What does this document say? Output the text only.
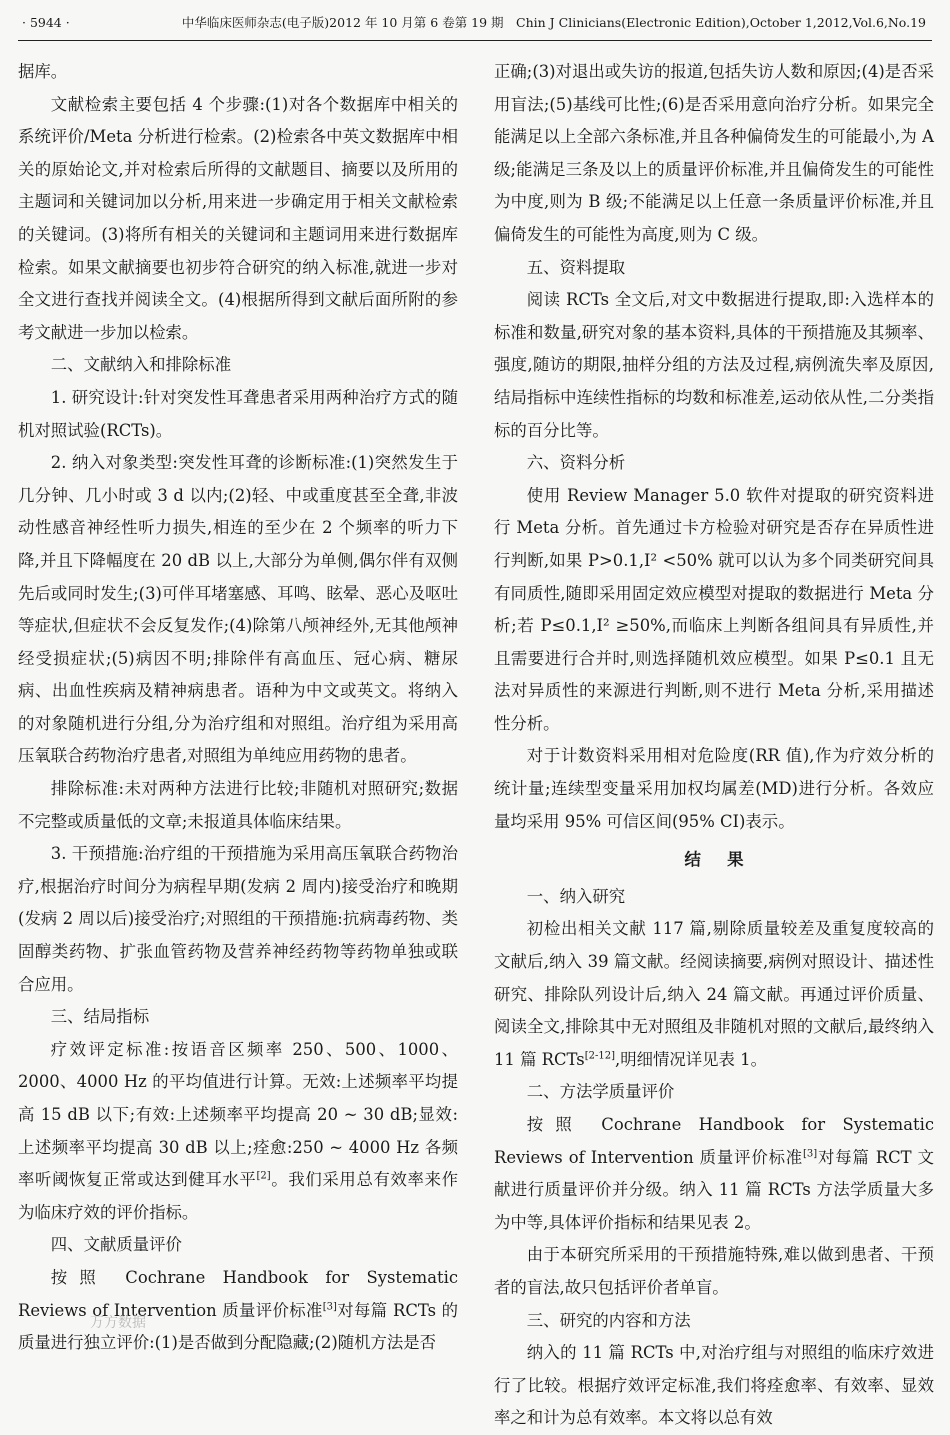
· 5944 ·	中华临床医师杂志(电子版)2012 年 10 月第 6 卷第 19 期　Chin J Clinicians(Electronic Edition),October 1,2012,Vol.6,No.19

据库。

文献检索主要包括 4 个步骤:(1)对各个数据库中相关的系统评价/Meta 分析进行检索。(2)检索各中英文数据库中相关的原始论文,并对检索后所得的文献题目、摘要以及所用的主题词和关键词加以分析,用来进一步确定用于相关文献检索的关键词。(3)将所有相关的关键词和主题词用来进行数据库检索。如果文献摘要也初步符合研究的纳入标准,就进一步对全文进行查找并阅读全文。(4)根据所得到文献后面所附的参考文献进一步加以检索。

二、文献纳入和排除标准

1. 研究设计:针对突发性耳聋患者采用两种治疗方式的随机对照试验(RCTs)。

2. 纳入对象类型:突发性耳聋的诊断标准:(1)突然发生于几分钟、几小时或 3 d 以内;(2)轻、中或重度甚至全聋,非波动性感音神经性听力损失,相连的至少在 2 个频率的听力下降,并且下降幅度在 20 dB 以上,大部分为单侧,偶尔伴有双侧先后或同时发生;(3)可伴耳堵塞感、耳鸣、眩晕、恶心及呕吐等症状,但症状不会反复发作;(4)除第八颅神经外,无其他颅神经受损症状;(5)病因不明;排除伴有高血压、冠心病、糖尿病、出血性疾病及精神病患者。语种为中文或英文。将纳入的对象随机进行分组,分为治疗组和对照组。治疗组为采用高压氧联合药物治疗患者,对照组为单纯应用药物的患者。

排除标准:未对两种方法进行比较;非随机对照研究;数据不完整或质量低的文章;未报道具体临床结果。

3. 干预措施:治疗组的干预措施为采用高压氧联合药物治疗,根据治疗时间分为病程早期(发病 2 周内)接受治疗和晚期(发病 2 周以后)接受治疗;对照组的干预措施:抗病毒药物、类固醇类药物、扩张血管药物及营养神经药物等药物单独或联合应用。

三、结局指标

疗效评定标准:按语音区频率 250、500、1000、2000、4000 Hz 的平均值进行计算。无效:上述频率平均提高 15 dB 以下;有效:上述频率平均提高 20 ~ 30 dB;显效:上述频率平均提高 30 dB 以上;痊愈:250 ~ 4000 Hz 各频率听阈恢复正常或达到健耳水平[2]。我们采用总有效率来作为临床疗效的评价指标。

四、文献质量评价

按照 Cochrane Handbook for Systematic Reviews of Intervention 质量评价标准[3]对每篇 RCTs 的质量进行独立评价:(1)是否做到分配隐藏;(2)随机方法是否

正确;(3)对退出或失访的报道,包括失访人数和原因;(4)是否采用盲法;(5)基线可比性;(6)是否采用意向治疗分析。如果完全能满足以上全部六条标准,并且各种偏倚发生的可能最小,为 A 级;能满足三条及以上的质量评价标准,并且偏倚发生的可能性为中度,则为 B 级;不能满足以上任意一条质量评价标准,并且偏倚发生的可能性为高度,则为 C 级。

五、资料提取

阅读 RCTs 全文后,对文中数据进行提取,即:入选样本的标准和数量,研究对象的基本资料,具体的干预措施及其频率、强度,随访的期限,抽样分组的方法及过程,病例流失率及原因,结局指标中连续性指标的均数和标准差,运动依从性,二分类指标的百分比等。

六、资料分析

使用 Review Manager 5.0 软件对提取的研究资料进行 Meta 分析。首先通过卡方检验对研究是否存在异质性进行判断,如果 P>0.1,I² <50% 就可以认为多个同类研究间具有同质性,随即采用固定效应模型对提取的数据进行 Meta 分析;若 P≤0.1,I² ≥50%,而临床上判断各组间具有异质性,并且需要进行合并时,则选择随机效应模型。如果 P≤0.1 且无法对异质性的来源进行判断,则不进行 Meta 分析,采用描述性分析。

对于计数资料采用相对危险度(RR 值),作为疗效分析的统计量;连续型变量采用加权均属差(MD)进行分析。各效应量均采用 95% 可信区间(95% CI)表示。

结果

一、纳入研究

初检出相关文献 117 篇,剔除质量较差及重复度较高的文献后,纳入 39 篇文献。经阅读摘要,病例对照设计、描述性研究、排除队列设计后,纳入 24 篇文献。再通过评价质量、阅读全文,排除其中无对照组及非随机对照的文献后,最终纳入 11 篇 RCTs[2-12],明细情况详见表 1。

二、方法学质量评价

按照 Cochrane Handbook for Systematic Reviews of Intervention 质量评价标准[3]对每篇 RCT 文献进行质量评价并分级。纳入 11 篇 RCTs 方法学质量大多为中等,具体评价指标和结果见表 2。

由于本研究所采用的干预措施特殊,难以做到患者、干预者的盲法,故只包括评价者单盲。

三、研究的内容和方法

纳入的 11 篇 RCTs 中,对治疗组与对照组的临床疗效进行了比较。根据疗效评定标准,我们将痊愈率、有效率、显效率之和计为总有效率。本文将以总有效

万方数据
